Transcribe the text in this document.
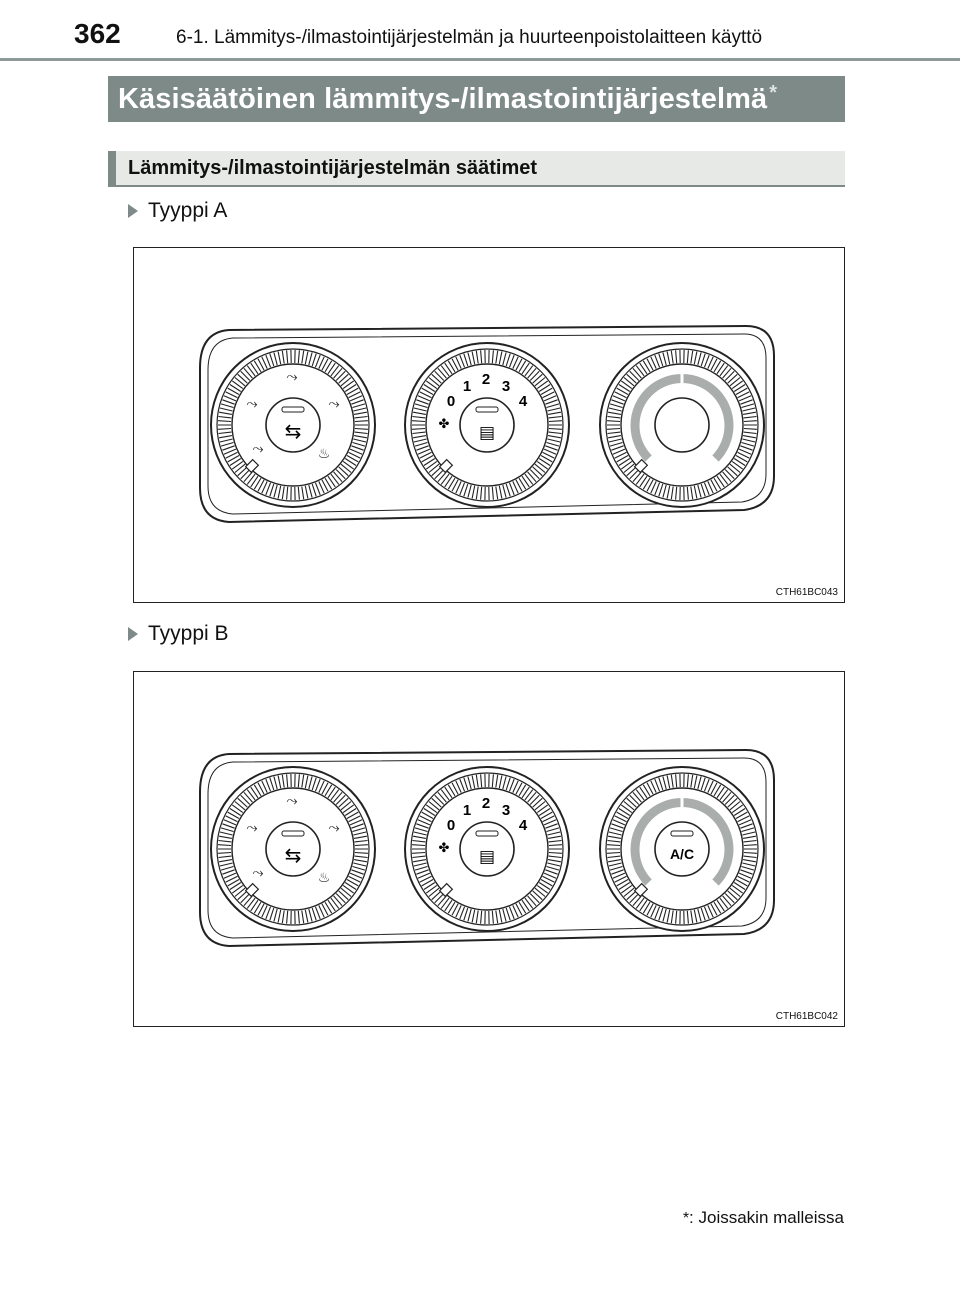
362	6-1. Lämmitys-/ilmastointijärjestelmän ja huurteenpoistolaitteen käyttö
Käsisäätöinen lämmitys-/ilmastointijärjestelmä*
Lämmitys-/ilmastointijärjestelmän säätimet
Tyyppi A
⇆
⤳
⤳
⤳
⤳	♨
▤
✤
0
1 2 3
4
CTH61BC043
Tyyppi B
⇆
⤳
⤳
⤳
⤳	♨
▤
✤
0
1 2 3
4
A/C
CTH61BC042
*: Joissakin malleissa
